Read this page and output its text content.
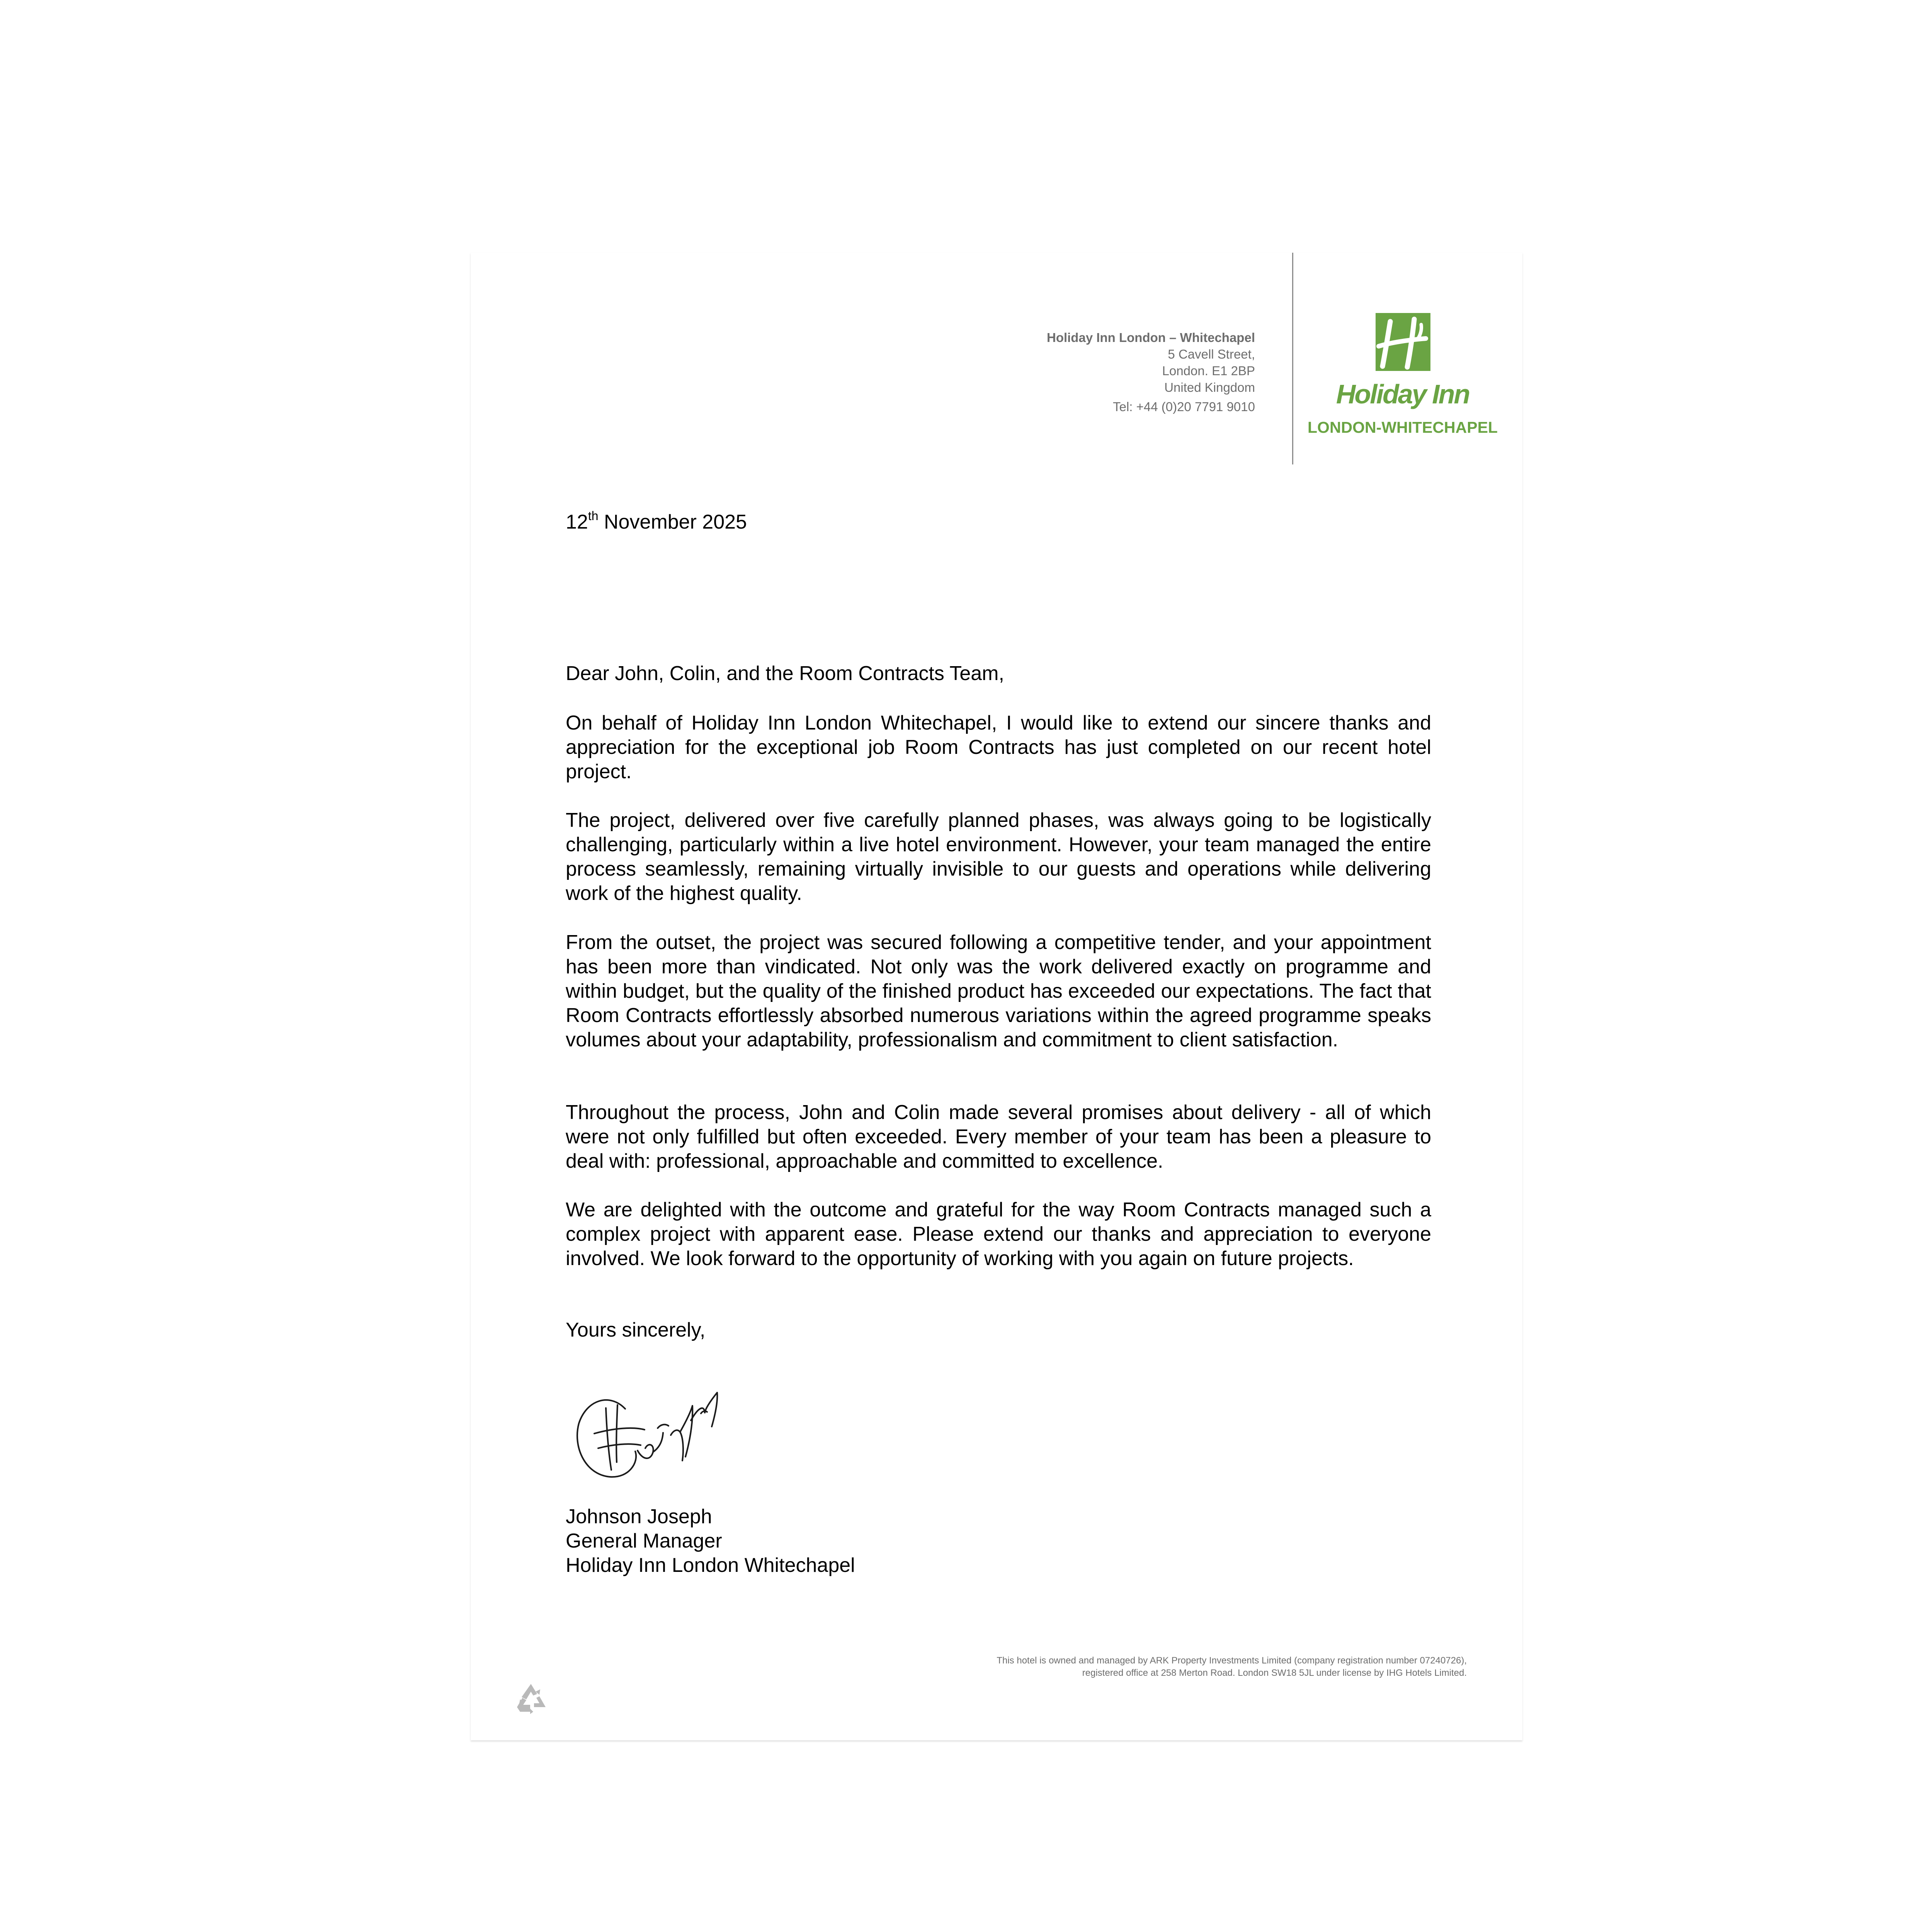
Holiday Inn London – Whitechapel
5 Cavell Street,
London. E1 2BP
United Kingdom
Tel: +44 (0)20 7791 9010	Holiday Inn
LONDON-WHITECHAPEL
12th November 2025
Dear John, Colin, and the Room Contracts Team,
On behalf of Holiday Inn London Whitechapel, I would like to extend our sincere thanks and appreciation for the exceptional job Room Contracts has just completed on our recent hotel project.
The project, delivered over five carefully planned phases, was always going to be logistically challenging, particularly within a live hotel environment. However, your team managed the entire process seamlessly, remaining virtually invisible to our guests and operations while delivering work of the highest quality.
From the outset, the project was secured following a competitive tender, and your appointment has been more than vindicated. Not only was the work delivered exactly on programme and within budget, but the quality of the finished product has exceeded our expectations. The fact that Room Contracts effortlessly absorbed numerous variations within the agreed programme speaks volumes about your adaptability, professionalism and commitment to client satisfaction.
Throughout the process, John and Colin made several promises about delivery - all of which were not only fulfilled but often exceeded. Every member of your team has been a pleasure to deal with: professional, approachable and committed to excellence.
We are delighted with the outcome and grateful for the way Room Contracts managed such a complex project with apparent ease. Please extend our thanks and appreciation to everyone involved. We look forward to the opportunity of working with you again on future projects.
Yours sincerely,
Johnson Joseph
General Manager
Holiday Inn London Whitechapel
This hotel is owned and managed by ARK Property Investments Limited (company registration number 07240726),
registered office at 258 Merton Road. London SW18 5JL under license by IHG Hotels Limited.
